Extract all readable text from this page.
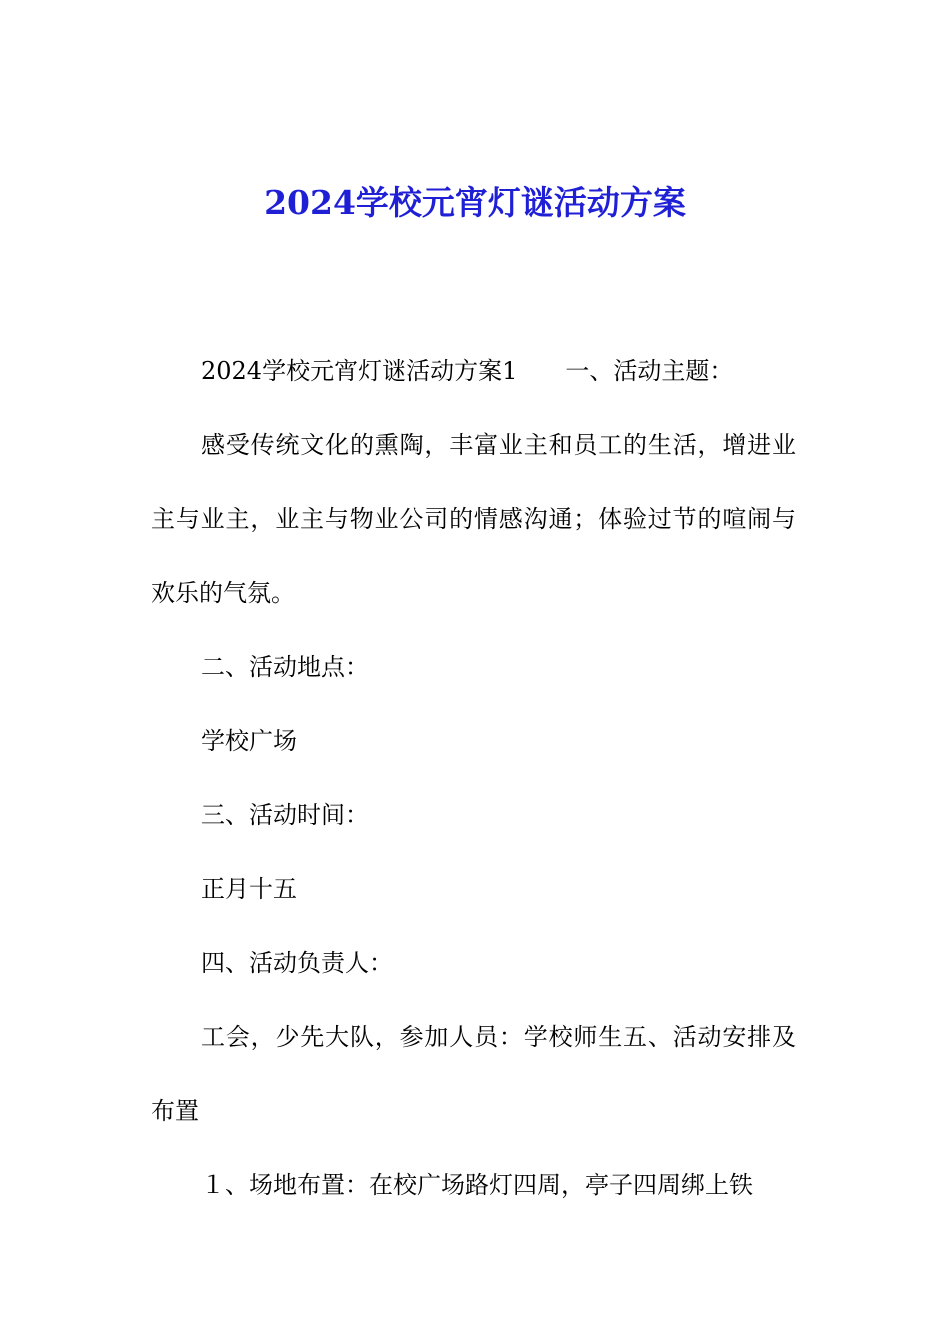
2024学校元宵灯谜活动方案

2024学校元宵灯谜活动方案1　　一、活动主题：

感受传统文化的熏陶，丰富业主和员工的生活，增进业主与业主，业主与物业公司的情感沟通；体验过节的喧闹与欢乐的气氛。

二、活动地点：

学校广场

三、活动时间：

正月十五

四、活动负责人：

工会，少先大队，参加人员：学校师生五、活动安排及布置

１、场地布置：在校广场路灯四周，亭子四周绑上铁
